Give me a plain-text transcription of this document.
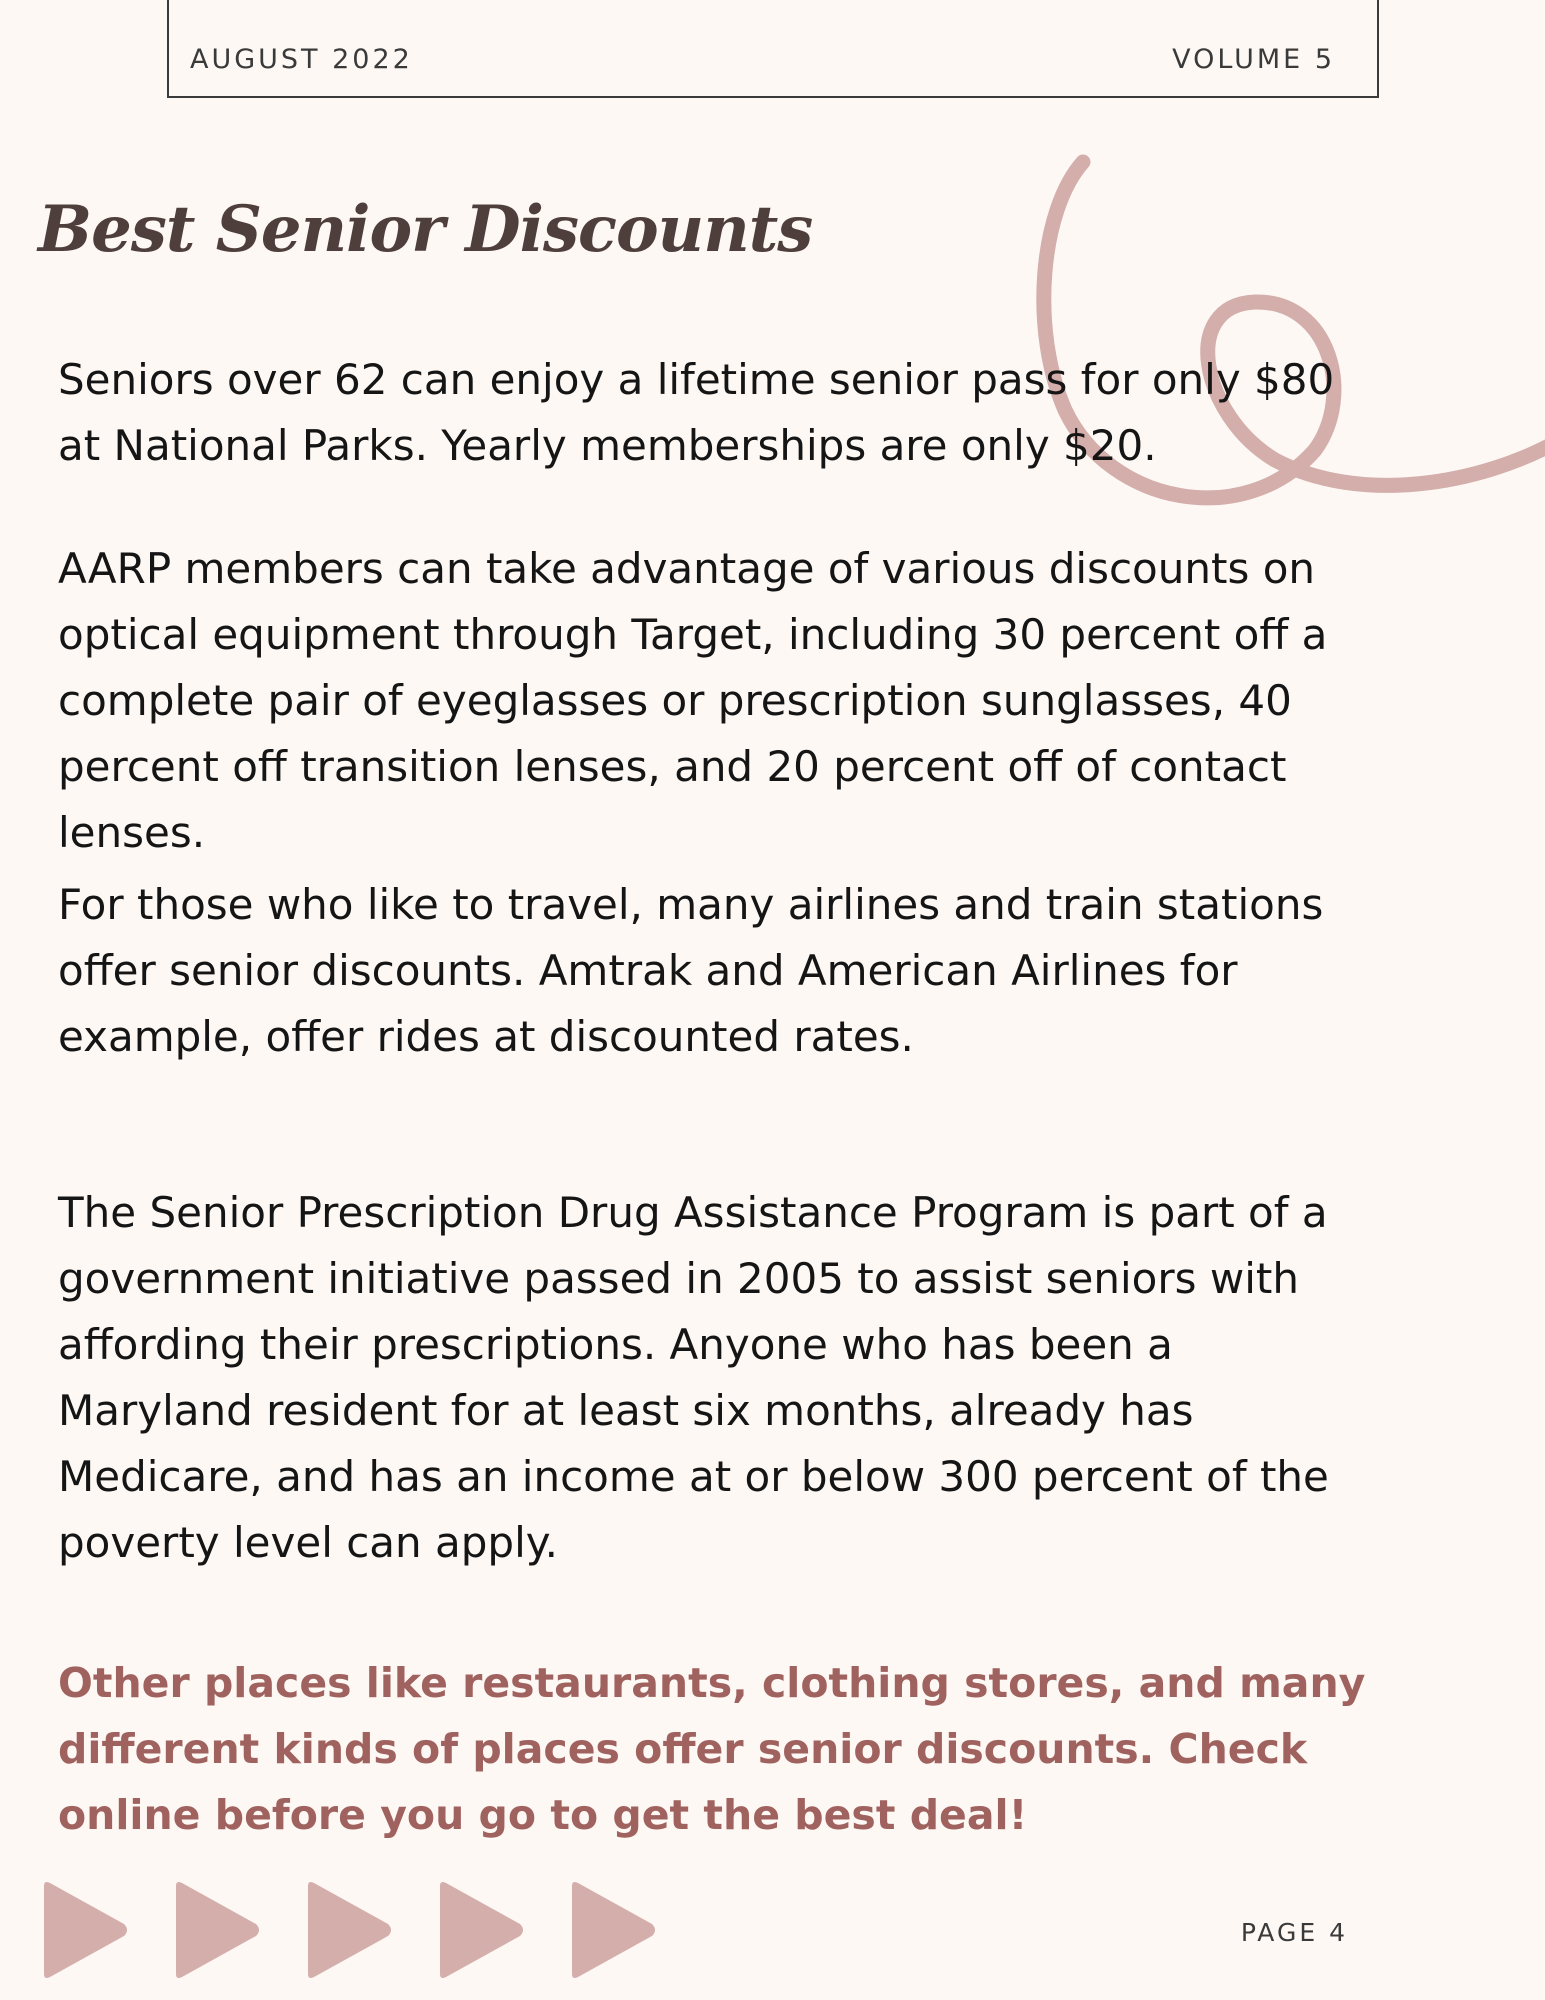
AUGUST 2022	VOLUME 5
Best Senior Discounts

Seniors over 62 can enjoy a lifetime senior pass for only $80
at National Parks. Yearly memberships are only $20.

AARP members can take advantage of various discounts on
optical equipment through Target, including 30 percent off a
complete pair of eyeglasses or prescription sunglasses, 40
percent off transition lenses, and 20 percent off of contact
lenses.

For those who like to travel, many airlines and train stations
offer senior discounts. Amtrak and American Airlines for
example, offer rides at discounted rates.

The Senior Prescription Drug Assistance Program is part of a
government initiative passed in 2005 to assist seniors with
affording their prescriptions. Anyone who has been a
Maryland resident for at least six months, already has
Medicare, and has an income at or below 300 percent of the
poverty level can apply.

Other places like restaurants, clothing stores, and many
different kinds of places offer senior discounts. Check
online before you go to get the best deal!

PAGE 4
